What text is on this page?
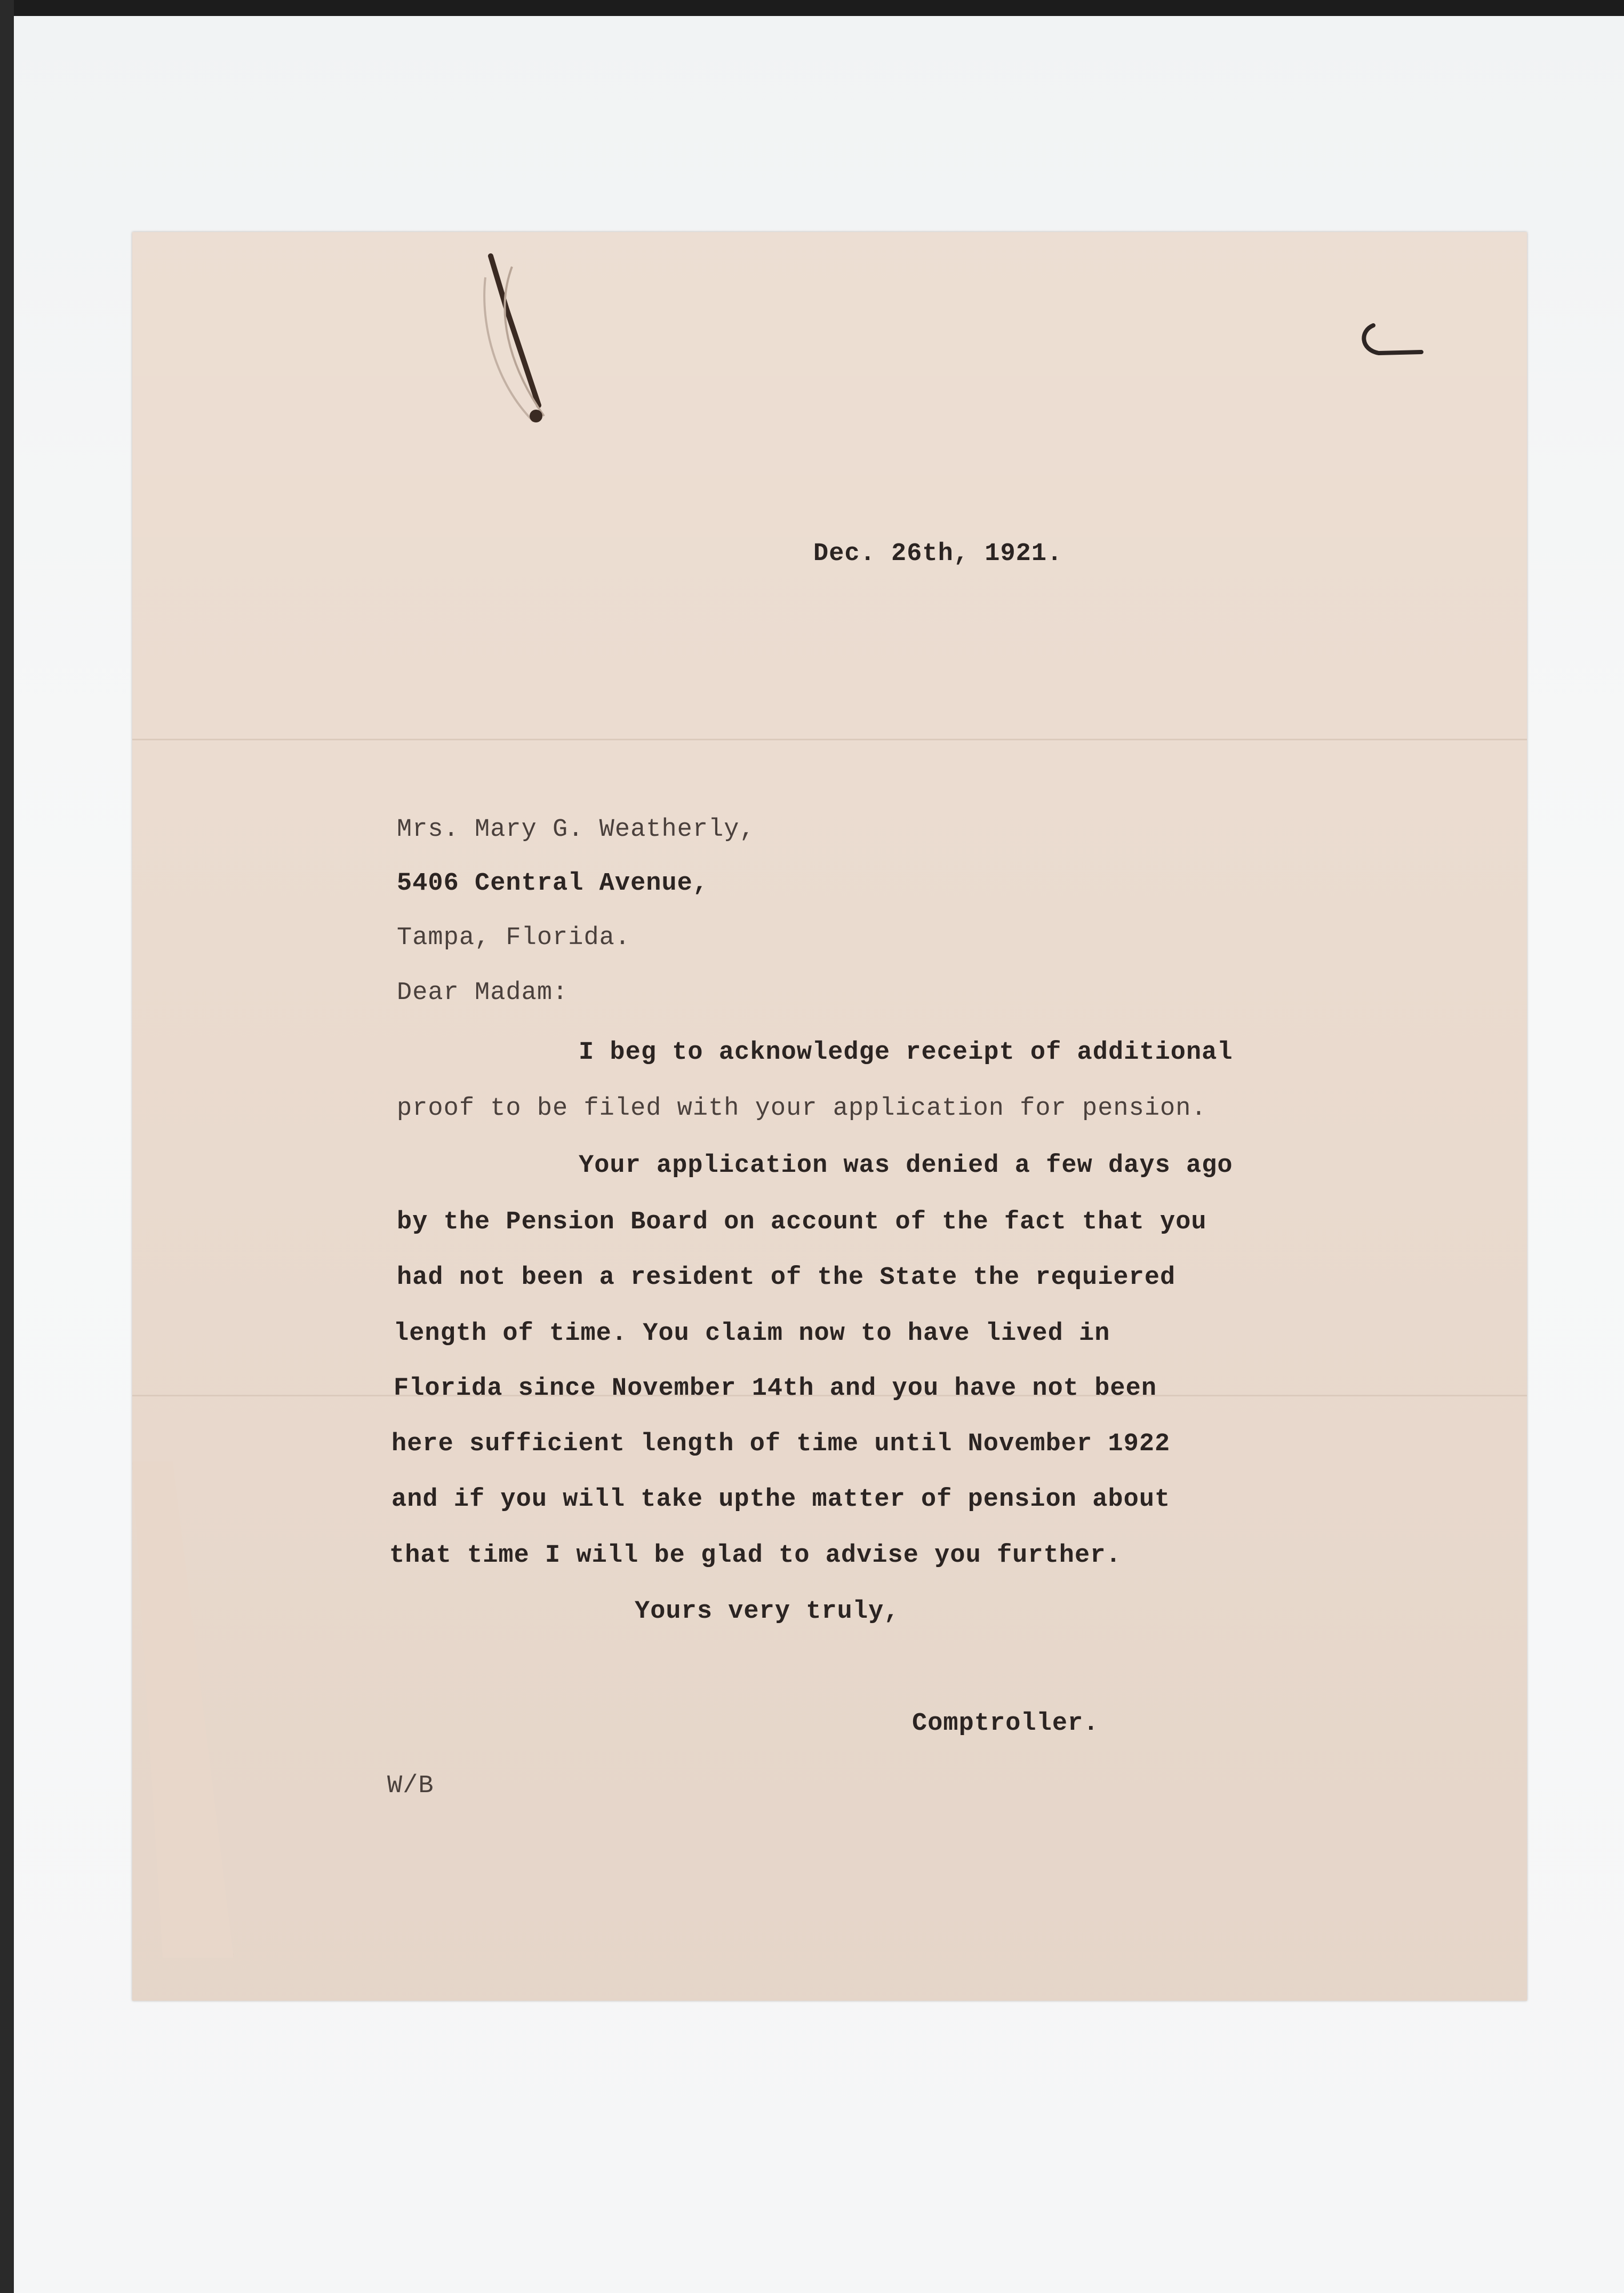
Dec. 26th, 1921.
Mrs. Mary G. Weatherly,
5406 Central Avenue,
Tampa, Florida.
Dear Madam:
I beg to acknowledge receipt of additional
proof to be filed with your application for pension.
Your application was denied a few days ago
by the Pension Board on account of the fact that you
had not been a resident of the State the requiered
length of time. You claim now to have lived in
Florida since November 14th and you have not been
here sufficient length of time until November 1922
and if you will take upthe matter of pension about
that time I will be glad to advise you further.
Yours very truly,
Comptroller.
W/B
